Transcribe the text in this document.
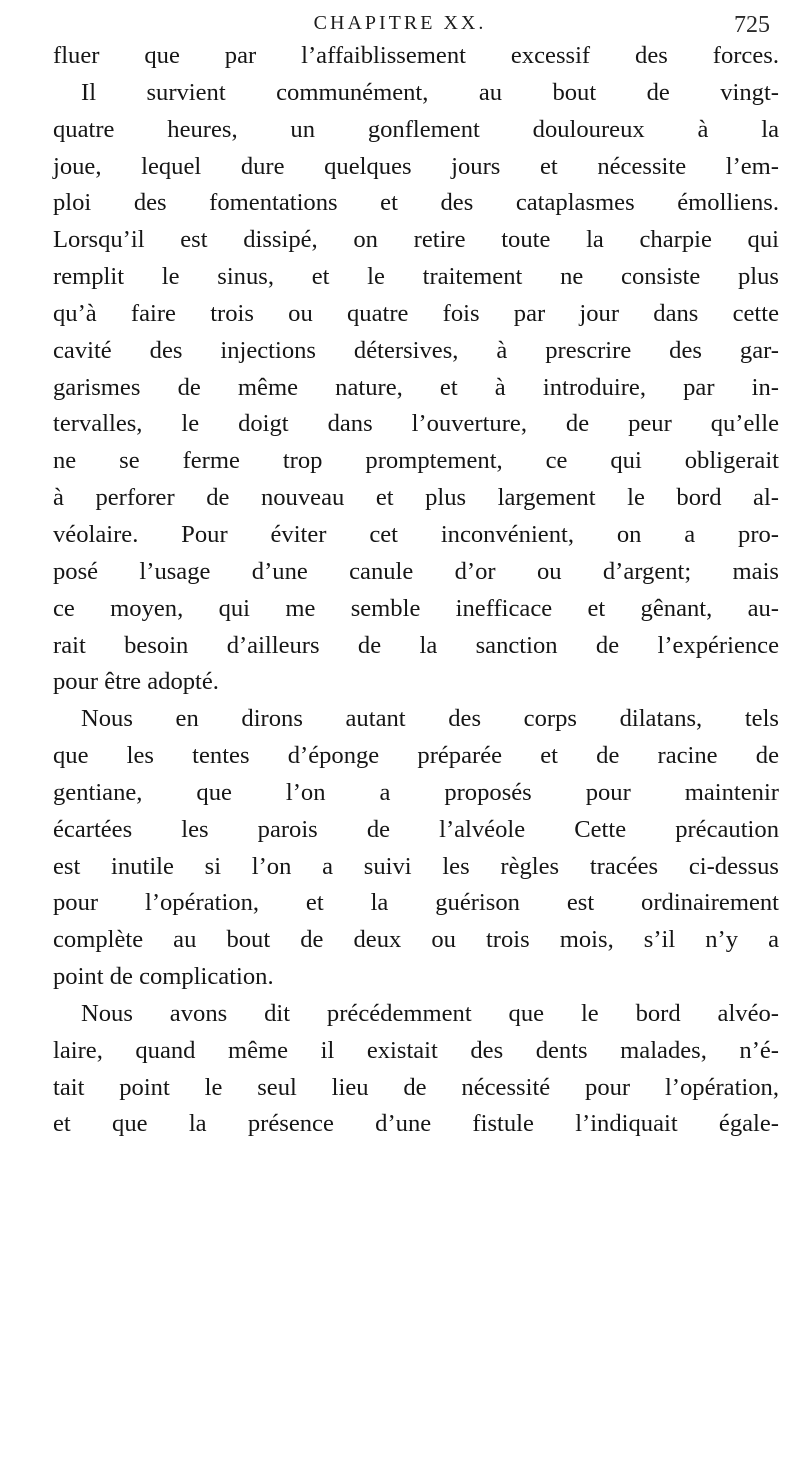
CHAPITRE XX.	725
fluer que par l’affaiblissement excessif des forces.
Il survient communément, au bout de vingt-
quatre heures, un gonflement douloureux à la
joue, lequel dure quelques jours et nécessite l’em-
ploi des fomentations et des cataplasmes émolliens.
Lorsqu’il est dissipé, on retire toute la charpie qui
remplit le sinus, et le traitement ne consiste plus
qu’à faire trois ou quatre fois par jour dans cette
cavité des injections détersives, à prescrire des gar-
garismes de même nature, et à introduire, par in-
tervalles, le doigt dans l’ouverture, de peur qu’elle
ne se ferme trop promptement, ce qui obligerait
à perforer de nouveau et plus largement le bord al-
véolaire. Pour éviter cet inconvénient, on a pro-
posé l’usage d’une canule d’or ou d’argent; mais
ce moyen, qui me semble inefficace et gênant, au-
rait besoin d’ailleurs de la sanction de l’expérience
pour être adopté.
Nous en dirons autant des corps dilatans, tels
que les tentes d’éponge préparée et de racine de
gentiane, que l’on a proposés pour maintenir
écartées les parois de l’alvéole Cette précaution
est inutile si l’on a suivi les règles tracées ci-dessus
pour l’opération, et la guérison est ordinairement
complète au bout de deux ou trois mois, s’il n’y a
point de complication.
Nous avons dit précédemment que le bord alvéo-
laire, quand même il existait des dents malades, n’é-
tait point le seul lieu de nécessité pour l’opération,
et que la présence d’une fistule l’indiquait égale-
